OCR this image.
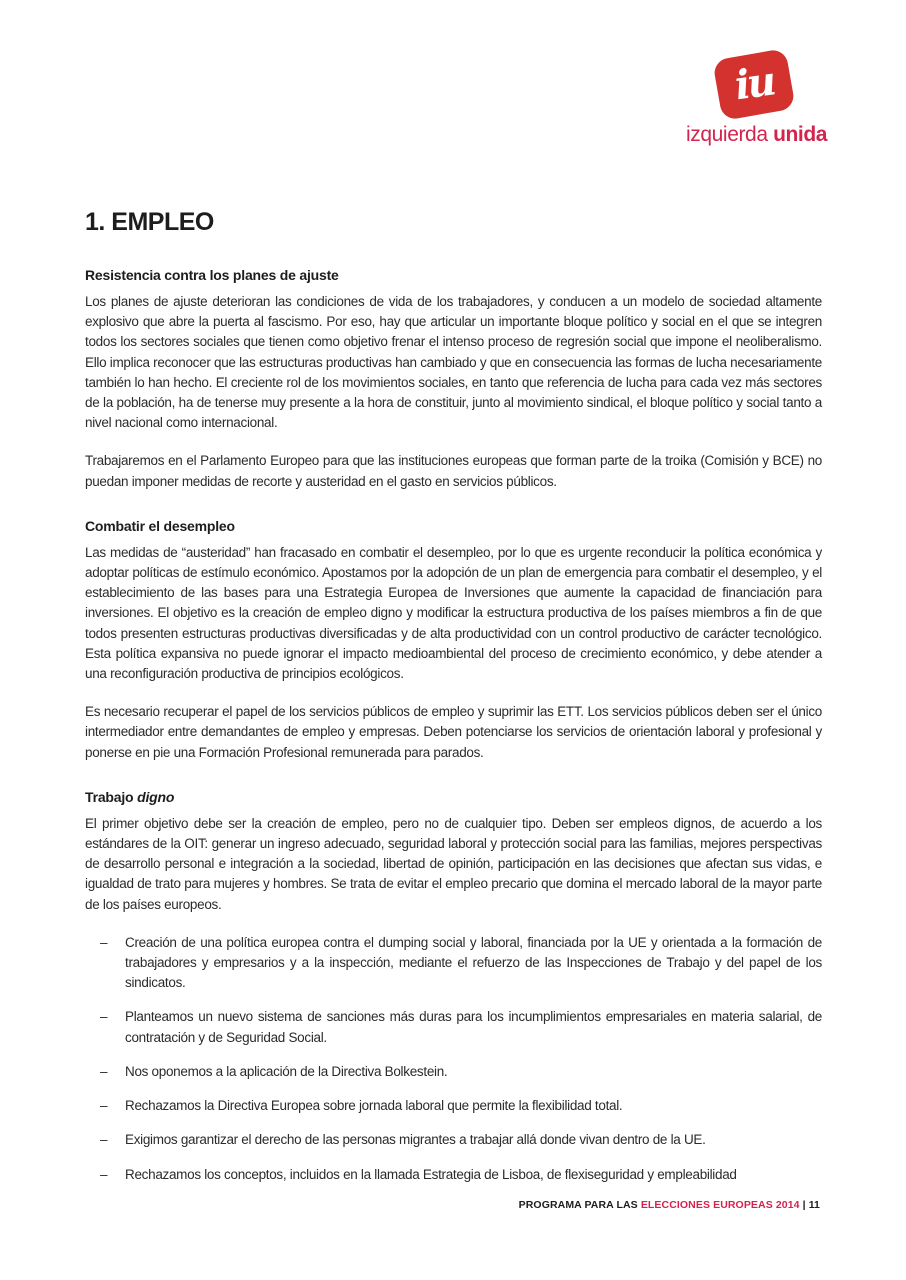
iu
izquierda unida
1. EMPLEO
Resistencia contra los planes de ajuste

Los planes de ajuste deterioran las condiciones de vida de los trabajadores, y conducen a un modelo de sociedad altamente explosivo que abre la puerta al fascismo. Por eso, hay que articular un importante bloque político y social en el que se integren todos los sectores sociales que tienen como objetivo frenar el intenso proceso de regresión social que impone el neoliberalismo. Ello implica reconocer que las estructuras productivas han cambiado y que en consecuencia las formas de lucha necesariamente también lo han hecho. El creciente rol de los movimientos sociales, en tanto que referencia de lucha para cada vez más sectores de la población, ha de tenerse muy presente a la hora de constituir, junto al movimiento sindical, el bloque político y social tanto a nivel nacional como internacional.

Trabajaremos en el Parlamento Europeo para que las instituciones europeas que forman parte de la troika (Comisión y BCE) no puedan imponer medidas de recorte y austeridad en el gasto en servicios públicos.

Combatir el desempleo

Las medidas de “austeridad” han fracasado en combatir el desempleo, por lo que es urgente reconducir la política económica y adoptar políticas de estímulo económico. Apostamos por la adopción de un plan de emergencia para combatir el desempleo, y el establecimiento de las bases para una Estrategia Europea de Inversiones que aumente la capacidad de financiación para inversiones. El objetivo es la creación de empleo digno y modificar la estructura productiva de los países miembros a fin de que todos presenten estructuras productivas diversificadas y de alta productividad con un control productivo de carácter tecnológico. Esta política expansiva no puede ignorar el impacto medioambiental del proceso de crecimiento económico, y debe atender a una reconfiguración productiva de principios ecológicos.

Es necesario recuperar el papel de los servicios públicos de empleo y suprimir las ETT. Los servicios públicos deben ser el único intermediador entre demandantes de empleo y empresas. Deben potenciarse los servicios de orientación laboral y profesional y ponerse en pie una Formación Profesional remunerada para parados.

Trabajo digno

El primer objetivo debe ser la creación de empleo, pero no de cualquier tipo. Deben ser empleos dignos, de acuerdo a los estándares de la OIT: generar un ingreso adecuado, seguridad laboral y protección social para las familias, mejores perspectivas de desarrollo personal e integración a la sociedad, libertad de opinión, participación en las decisiones que afectan sus vidas, e igualdad de trato para mujeres y hombres. Se trata de evitar el empleo precario que domina el mercado laboral de la mayor parte de los países europeos.

– Creación de una política europea contra el dumping social y laboral, financiada por la UE y orientada a la formación de trabajadores y empresarios y a la inspección, mediante el refuerzo de las Inspecciones de Trabajo y del papel de los sindicatos.

– Planteamos un nuevo sistema de sanciones más duras para los incumplimientos empresariales en materia salarial, de contratación y de Seguridad Social.

– Nos oponemos a la aplicación de la Directiva Bolkestein.

– Rechazamos la Directiva Europea sobre jornada laboral que permite la flexibilidad total.

– Exigimos garantizar el derecho de las personas migrantes a trabajar allá donde vivan dentro de la UE.

– Rechazamos los conceptos, incluidos en la llamada Estrategia de Lisboa, de flexiseguridad y empleabilidad

PROGRAMA PARA LAS ELECCIONES EUROPEAS 2014 | 11
